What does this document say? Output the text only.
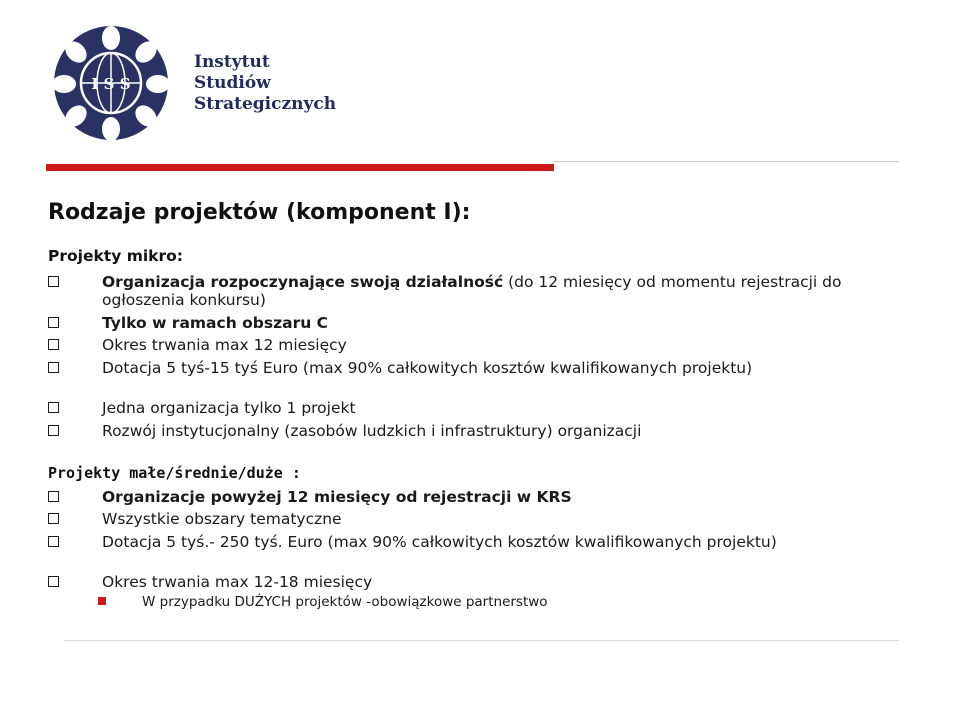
I S S
Instytut
Studiów
Strategicznych
Rodzaje projektów (komponent I):
Projekty mikro:
Organizacja rozpoczynające swoją działalność (do 12 miesięcy od momentu rejestracji do ogłoszenia konkursu)
Tylko w ramach obszaru C
Okres trwania max 12 miesięcy
Dotacja 5 tyś-15 tyś Euro (max 90% całkowitych kosztów kwalifikowanych projektu)
Jedna organizacja tylko 1 projekt
Rozwój instytucjonalny (zasobów ludzkich i infrastruktury) organizacji
Projekty małe/średnie/duże :
Organizacje powyżej 12 miesięcy od rejestracji w KRS
Wszystkie obszary tematyczne
Dotacja 5 tyś.- 250 tyś. Euro (max 90% całkowitych kosztów kwalifikowanych projektu)
Okres trwania max 12-18 miesięcy
W przypadku DUŻYCH projektów -obowiązkowe partnerstwo
